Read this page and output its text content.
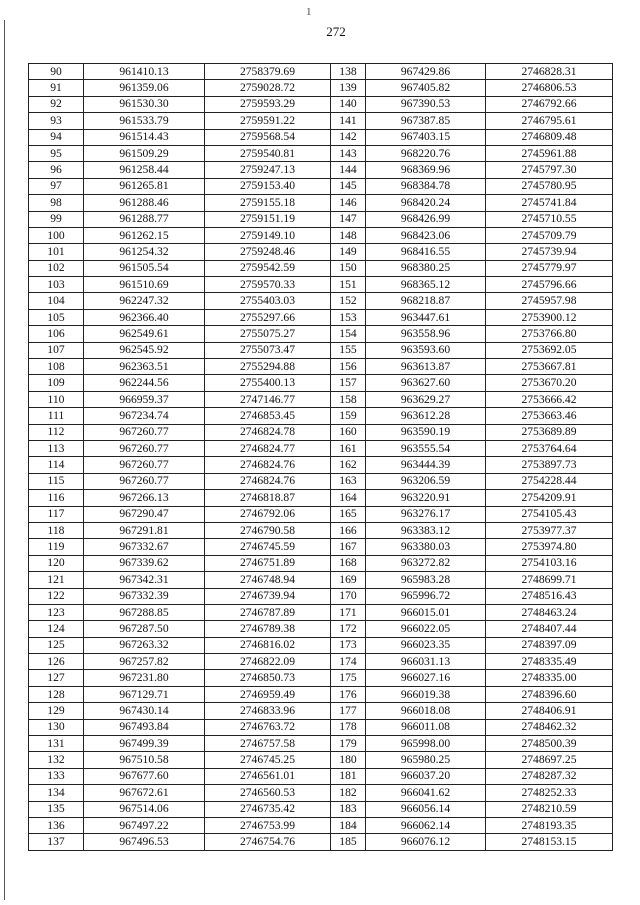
1
272
90	961410.13	2758379.69	138	967429.86	2746828.31
91	961359.06	2759028.72	139	967405.82	2746806.53
92	961530.30	2759593.29	140	967390.53	2746792.66
93	961533.79	2759591.22	141	967387.85	2746795.61
94	961514.43	2759568.54	142	967403.15	2746809.48
95	961509.29	2759540.81	143	968220.76	2745961.88
96	961258.44	2759247.13	144	968369.96	2745797.30
97	961265.81	2759153.40	145	968384.78	2745780.95
98	961288.46	2759155.18	146	968420.24	2745741.84
99	961288.77	2759151.19	147	968426.99	2745710.55
100	961262.15	2759149.10	148	968423.06	2745709.79
101	961254.32	2759248.46	149	968416.55	2745739.94
102	961505.54	2759542.59	150	968380.25	2745779.97
103	961510.69	2759570.33	151	968365.12	2745796.66
104	962247.32	2755403.03	152	968218.87	2745957.98
105	962366.40	2755297.66	153	963447.61	2753900.12
106	962549.61	2755075.27	154	963558.96	2753766.80
107	962545.92	2755073.47	155	963593.60	2753692.05
108	962363.51	2755294.88	156	963613.87	2753667.81
109	962244.56	2755400.13	157	963627.60	2753670.20
110	966959.37	2747146.77	158	963629.27	2753666.42
111	967234.74	2746853.45	159	963612.28	2753663.46
112	967260.77	2746824.78	160	963590.19	2753689.89
113	967260.77	2746824.77	161	963555.54	2753764.64
114	967260.77	2746824.76	162	963444.39	2753897.73
115	967260.77	2746824.76	163	963206.59	2754228.44
116	967266.13	2746818.87	164	963220.91	2754209.91
117	967290.47	2746792.06	165	963276.17	2754105.43
118	967291.81	2746790.58	166	963383.12	2753977.37
119	967332.67	2746745.59	167	963380.03	2753974.80
120	967339.62	2746751.89	168	963272.82	2754103.16
121	967342.31	2746748.94	169	965983.28	2748699.71
122	967332.39	2746739.94	170	965996.72	2748516.43
123	967288.85	2746787.89	171	966015.01	2748463.24
124	967287.50	2746789.38	172	966022.05	2748407.44
125	967263.32	2746816.02	173	966023.35	2748397.09
126	967257.82	2746822.09	174	966031.13	2748335.49
127	967231.80	2746850.73	175	966027.16	2748335.00
128	967129.71	2746959.49	176	966019.38	2748396.60
129	967430.14	2746833.96	177	966018.08	2748406.91
130	967493.84	2746763.72	178	966011.08	2748462.32
131	967499.39	2746757.58	179	965998.00	2748500.39
132	967510.58	2746745.25	180	965980.25	2748697.25
133	967677.60	2746561.01	181	966037.20	2748287.32
134	967672.61	2746560.53	182	966041.62	2748252.33
135	967514.06	2746735.42	183	966056.14	2748210.59
136	967497.22	2746753.99	184	966062.14	2748193.35
137	967496.53	2746754.76	185	966076.12	2748153.15
